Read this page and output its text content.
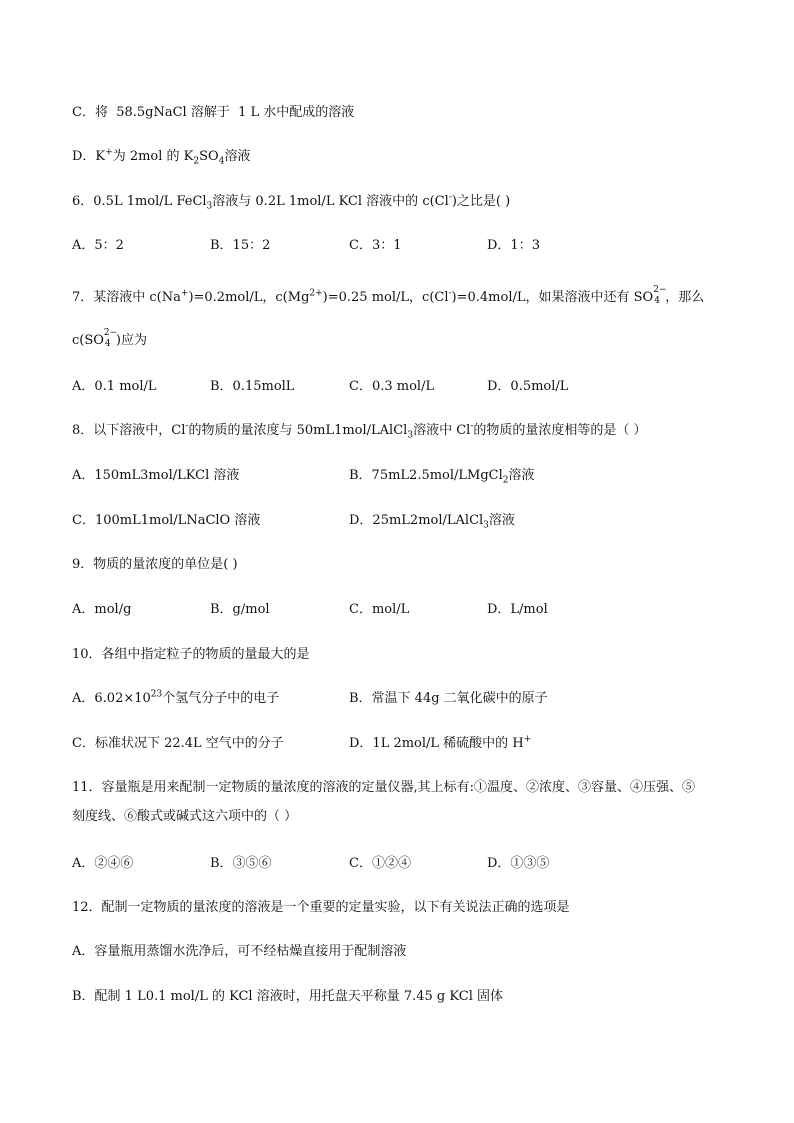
C．将 58.5gNaCl 溶解于 1 L 水中配成的溶液
D．K+为 2mol 的 $K_2SO_4$溶液
6．0.5L 1mol/L FeCl$_3$溶液与 0.2L 1mol/L KCl 溶液中的 c(Cl-)之比是( )
A．5：2	B．15：2	C．3：1	D．1：3
7．某溶液中 c(Na+)=0.2mol/L，$c(Mg^{2+})=0.25$ mol/L，c(Cl-)=0.4mol/L，如果溶液中还有 SO 2−
4 ，那么
c(SO 2−
4 )应为
A．0.1 mol/L	B．0.15molL	C．0.3 mol/L	D．0.5mol/L
8．以下溶液中，Cl-的物质的量浓度与 50mL1mol/LAlCl$_3$溶液中 Cl-的物质的量浓度相等的是（ ）
A．150mL3mol/LKCl 溶液	B．75mL2.5mol/LMgCl$_2$溶液
C．100mL1mol/LNaClO 溶液	D．25mL2mol/LAlCl$_3$溶液
9．物质的量浓度的单位是( )
A．mol/g	B．g/mol	C．mol/L	D．L/mol
10．各组中指定粒子的物质的量最大的是
A．$6.02\times 10^{23}$个氢气分子中的电子	B．常温下 44g 二氧化碳中的原子
C．标准状况下 22.4L 空气中的分子	D．1L 2mol/L 稀硫酸中的 H+
11．容量瓶是用来配制一定物质的量浓度的溶液的定量仪器,其上标有:①温度、②浓度、③容量、④压强、⑤
刻度线、⑥酸式或碱式这六项中的（ ）
A．②④⑥	B．③⑤⑥	C．①②④	D．①③⑤
12．配制一定物质的量浓度的溶液是一个重要的定量实验，以下有关说法正确的选项是
A．容量瓶用蒸馏水洗净后，可不经枯燥直接用于配制溶液
B．配制 1 L0.1 mol/L 的 KCl 溶液时，用托盘天平称量 7.45 g KCl 固体
